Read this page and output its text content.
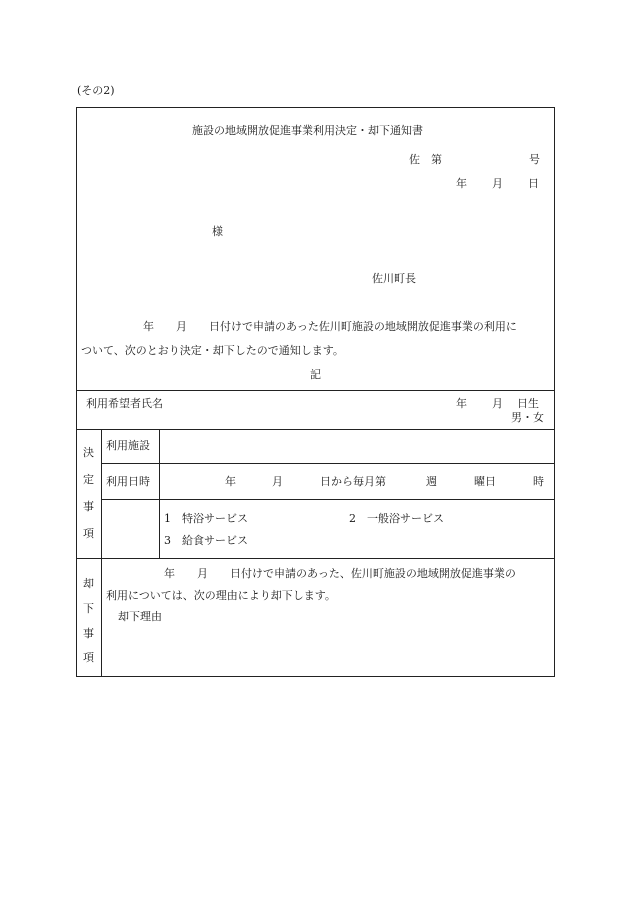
(その2)
施設の地域開放促進事業利用決定・却下通知書
佐　第	号
年 月 日
様
佐川町長
年　　月　　日付けで申請のあった佐川町施設の地域開放促進事業の利用に
ついて、次のとおり決定・却下したので通知します。
記
利用希望者氏名	年 月 日生
男・女
決
定
事
項
利用施設
利用日時	年	月	日から毎月第	週	曜日	時
1　特浴サービス	2　一般浴サービス
3　給食サービス
却
下
事
項
年　　月　　日付けで申請のあった、佐川町施設の地域開放促進事業の
利用については、次の理由により却下します。
却下理由
